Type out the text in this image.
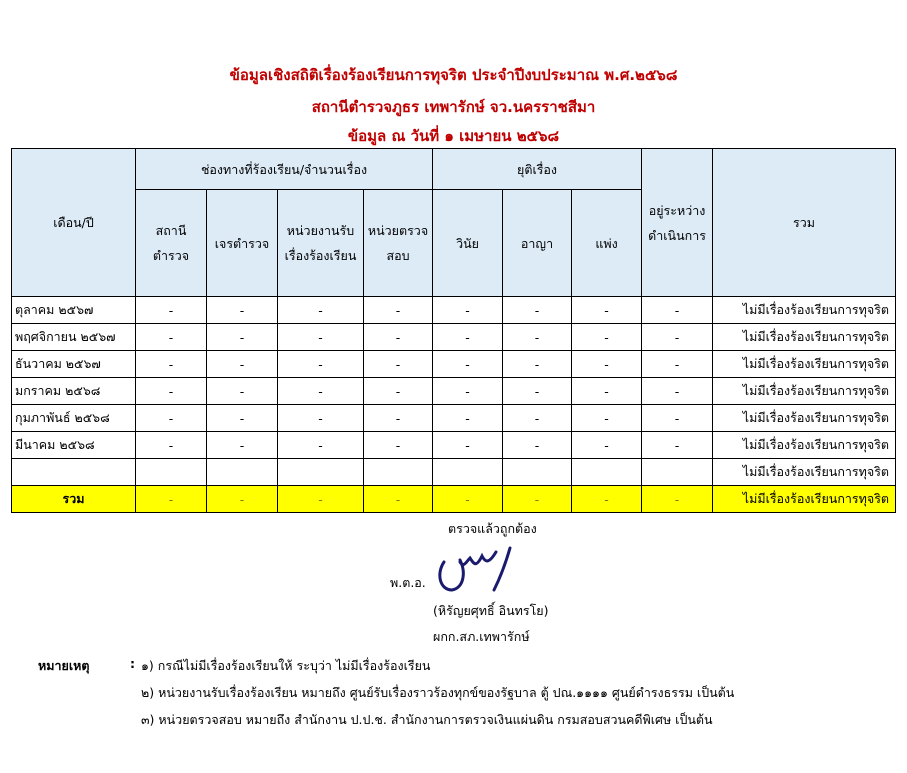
ข้อมูลเชิงสถิติเรื่องร้องเรียนการทุจริต ประจำปีงบประมาณ พ.ศ.๒๕๖๘
สถานีตำรวจภูธร เทพารักษ์ จว.นครราชสีมา
ข้อมูล ณ วันที่ ๑ เมษายน ๒๕๖๘
เดือน/ปี	ช่องทางที่ร้องเรียน/จำนวนเรื่อง				ยุติเรื่อง			อยู่ระหว่างดำเนินการ	รวม
	สถานีตำรวจ	เจรตำรวจ	หน่วยงานรับเรื่องร้องเรียน	หน่วยตรวจสอบ	วินัย	อาญา	แพ่ง		
ตุลาคม ๒๕๖๗	-	-	-	-	-	-	-	-	ไม่มีเรื่องร้องเรียนการทุจริต
พฤศจิกายน ๒๕๖๗	-	-	-	-	-	-	-	-	ไม่มีเรื่องร้องเรียนการทุจริต
ธันวาคม ๒๕๖๗	-	-	-	-	-	-	-	-	ไม่มีเรื่องร้องเรียนการทุจริต
มกราคม ๒๕๖๘	-	-	-	-	-	-	-	-	ไม่มีเรื่องร้องเรียนการทุจริต
กุมภาพันธ์ ๒๕๖๘	-	-	-	-	-	-	-	-	ไม่มีเรื่องร้องเรียนการทุจริต
มีนาคม ๒๕๖๘	-	-	-	-	-	-	-	-	ไม่มีเรื่องร้องเรียนการทุจริต
									ไม่มีเรื่องร้องเรียนการทุจริต
รวม	-	-	-	-	-	-	-	-	ไม่มีเรื่องร้องเรียนการทุจริต
ตรวจแล้วถูกต้อง
พ.ต.อ.
(หิรัญยศุทธิ์ อินทรโย)
ผกก.สภ.เทพารักษ์
หมายเหตุ	: ๑) กรณีไม่มีเรื่องร้องเรียนให้ ระบุว่า ไม่มีเรื่องร้องเรียน
๒) หน่วยงานรับเรื่องร้องเรียน หมายถึง ศูนย์รับเรื่องราวร้องทุกข์ของรัฐบาล ตู้ ปณ.๑๑๑๑ ศูนย์ดำรงธรรม เป็นต้น
๓) หน่วยตรวจสอบ หมายถึง สำนักงาน ป.ป.ช. สำนักงานการตรวจเงินแผ่นดิน กรมสอบสวนคดีพิเศษ เป็นต้น
